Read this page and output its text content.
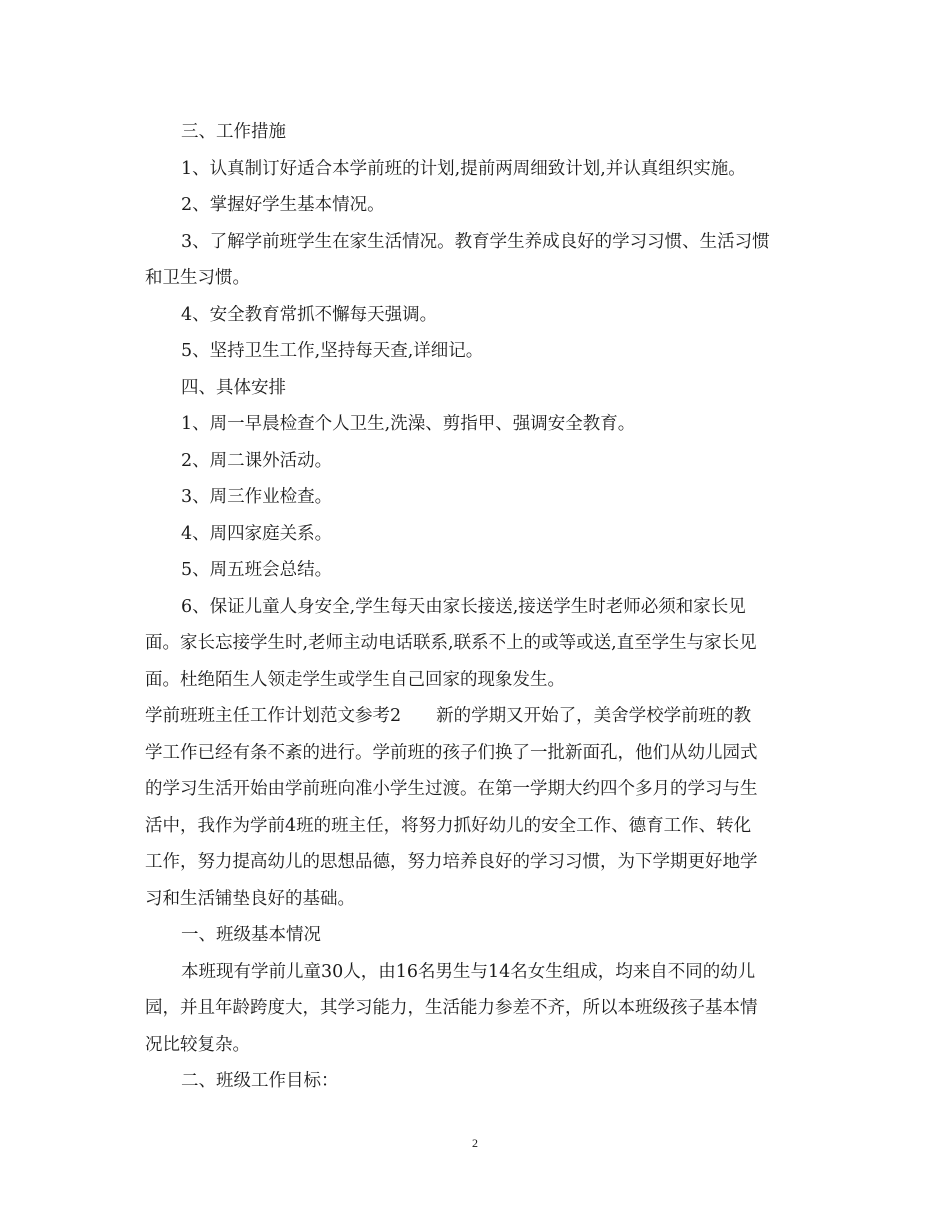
三、工作措施
1、认真制订好适合本学前班的计划,提前两周细致计划,并认真组织实施。
2、掌握好学生基本情况。
3、了解学前班学生在家生活情况。教育学生养成良好的学习习惯、生活习惯
和卫生习惯。
4、安全教育常抓不懈每天强调。
5、坚持卫生工作,坚持每天查,详细记。
四、具体安排
1、周一早晨检查个人卫生,洗澡、剪指甲、强调安全教育。
2、周二课外活动。
3、周三作业检查。
4、周四家庭关系。
5、周五班会总结。
6、保证儿童人身安全,学生每天由家长接送,接送学生时老师必须和家长见
面。家长忘接学生时,老师主动电话联系,联系不上的或等或送,直至学生与家长见
面。杜绝陌生人领走学生或学生自己回家的现象发生。
学前班班主任工作计划范文参考2　　新的学期又开始了，美舍学校学前班的教
学工作已经有条不紊的进行。学前班的孩子们换了一批新面孔，他们从幼儿园式
的学习生活开始由学前班向准小学生过渡。在第一学期大约四个多月的学习与生
活中，我作为学前4班的班主任，将努力抓好幼儿的安全工作、德育工作、转化
工作，努力提高幼儿的思想品德，努力培养良好的学习习惯，为下学期更好地学
习和生活铺垫良好的基础。
一、班级基本情况
本班现有学前儿童30人，由16名男生与14名女生组成，均来自不同的幼儿
园，并且年龄跨度大，其学习能力，生活能力参差不齐，所以本班级孩子基本情
况比较复杂。
二、班级工作目标：
2
